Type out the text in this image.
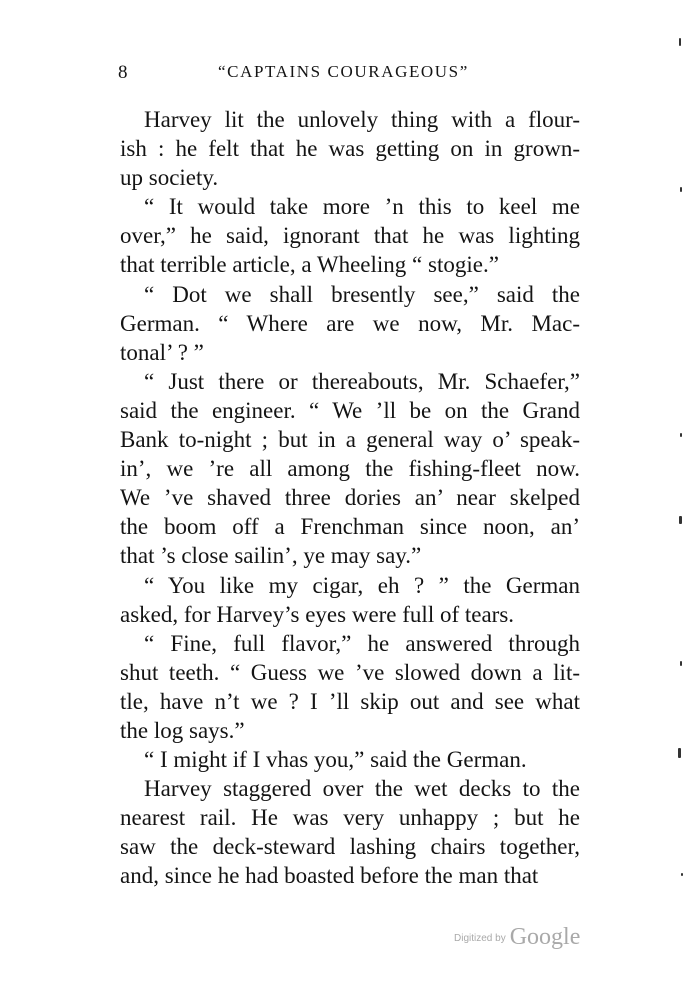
8	“CAPTAINS COURAGEOUS”
Harvey lit the unlovely thing with a flour-
ish : he felt that he was getting on in grown-
up society.
“ It would take more ’n this to keel me
over,” he said, ignorant that he was lighting
that terrible article, a Wheeling “ stogie.”
“ Dot we shall bresently see,” said the
German. “ Where are we now, Mr. Mac-
tonal’ ? ”
“ Just there or thereabouts, Mr. Schaefer,”
said the engineer. “ We ’ll be on the Grand
Bank to-night ; but in a general way o’ speak-
in’, we ’re all among the fishing-fleet now.
We ’ve shaved three dories an’ near skelped
the boom off a Frenchman since noon, an’
that ’s close sailin’, ye may say.”
“ You like my cigar, eh ? ” the German
asked, for Harvey’s eyes were full of tears.
“ Fine, full flavor,” he answered through
shut teeth. “ Guess we ’ve slowed down a lit-
tle, have n’t we ? I ’ll skip out and see what
the log says.”
“ I might if I vhas you,” said the German.
Harvey staggered over the wet decks to the
nearest rail. He was very unhappy ; but he
saw the deck-steward lashing chairs together,
and, since he had boasted before the man that
Digitized by Google
